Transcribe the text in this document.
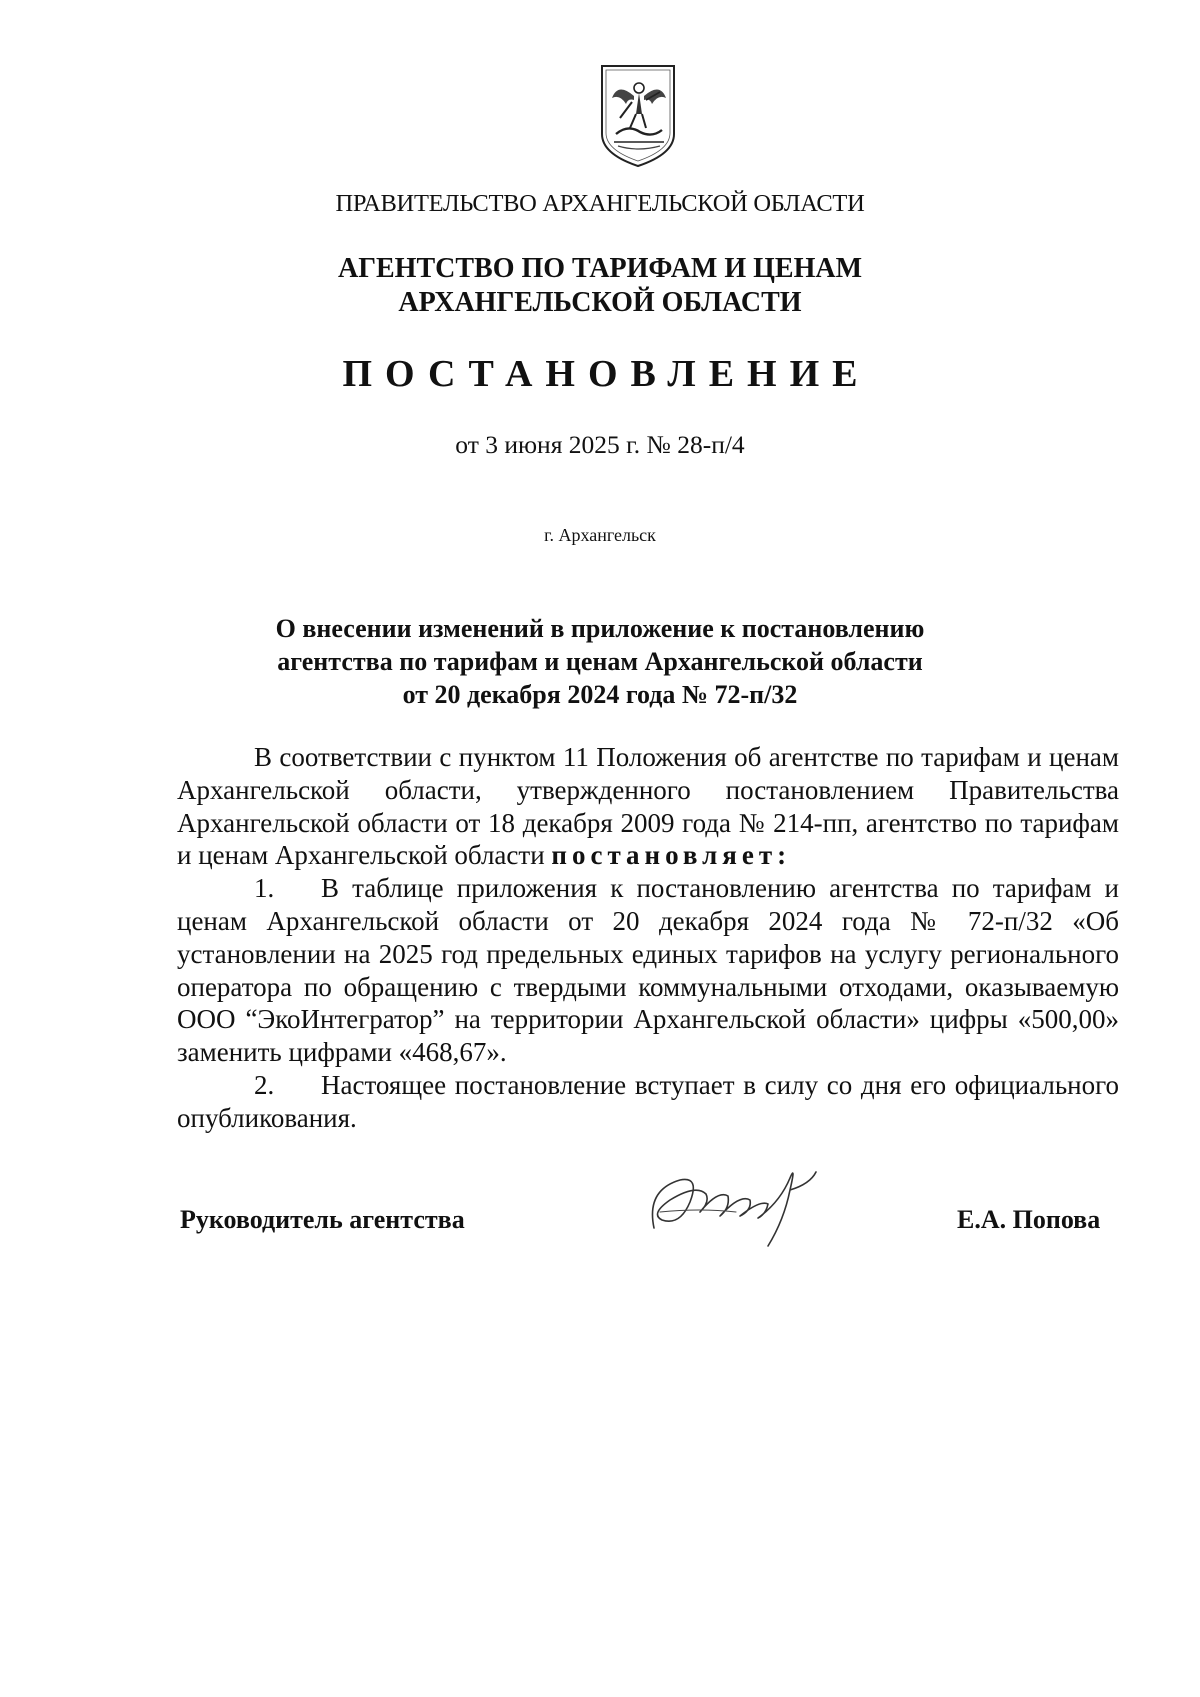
ПРАВИТЕЛЬСТВО АРХАНГЕЛЬСКОЙ ОБЛАСТИ
АГЕНТСТВО ПО ТАРИФАМ И ЦЕНАМ
АРХАНГЕЛЬСКОЙ ОБЛАСТИ
ПОСТАНОВЛЕНИЕ
от 3 июня 2025 г. № 28-п/4
г. Архангельск
О внесении изменений в приложение к постановлению
агентства по тарифам и ценам Архангельской области
от 20 декабря 2024 года № 72-п/32

В соответствии с пунктом 11 Положения об агентстве по тарифам и ценам Архангельской области, утвержденного постановлением Правительства Архангельской области от 18 декабря 2009 года № 214-пп, агентство по тарифам и ценам Архангельской области постановляет:

1. В таблице приложения к постановлению агентства по тарифам и ценам Архангельской области от 20 декабря 2024 года № 72-п/32 «Об установлении на 2025 год предельных единых тарифов на услугу регионального оператора по обращению с твердыми коммунальными отходами, оказываемую ООО “ЭкоИнтегратор” на территории Архангельской области» цифры «500,00» заменить цифрами «468,67».

2. Настоящее постановление вступает в силу со дня его официального опубликования.

Руководитель агентства	Е.А. Попова
